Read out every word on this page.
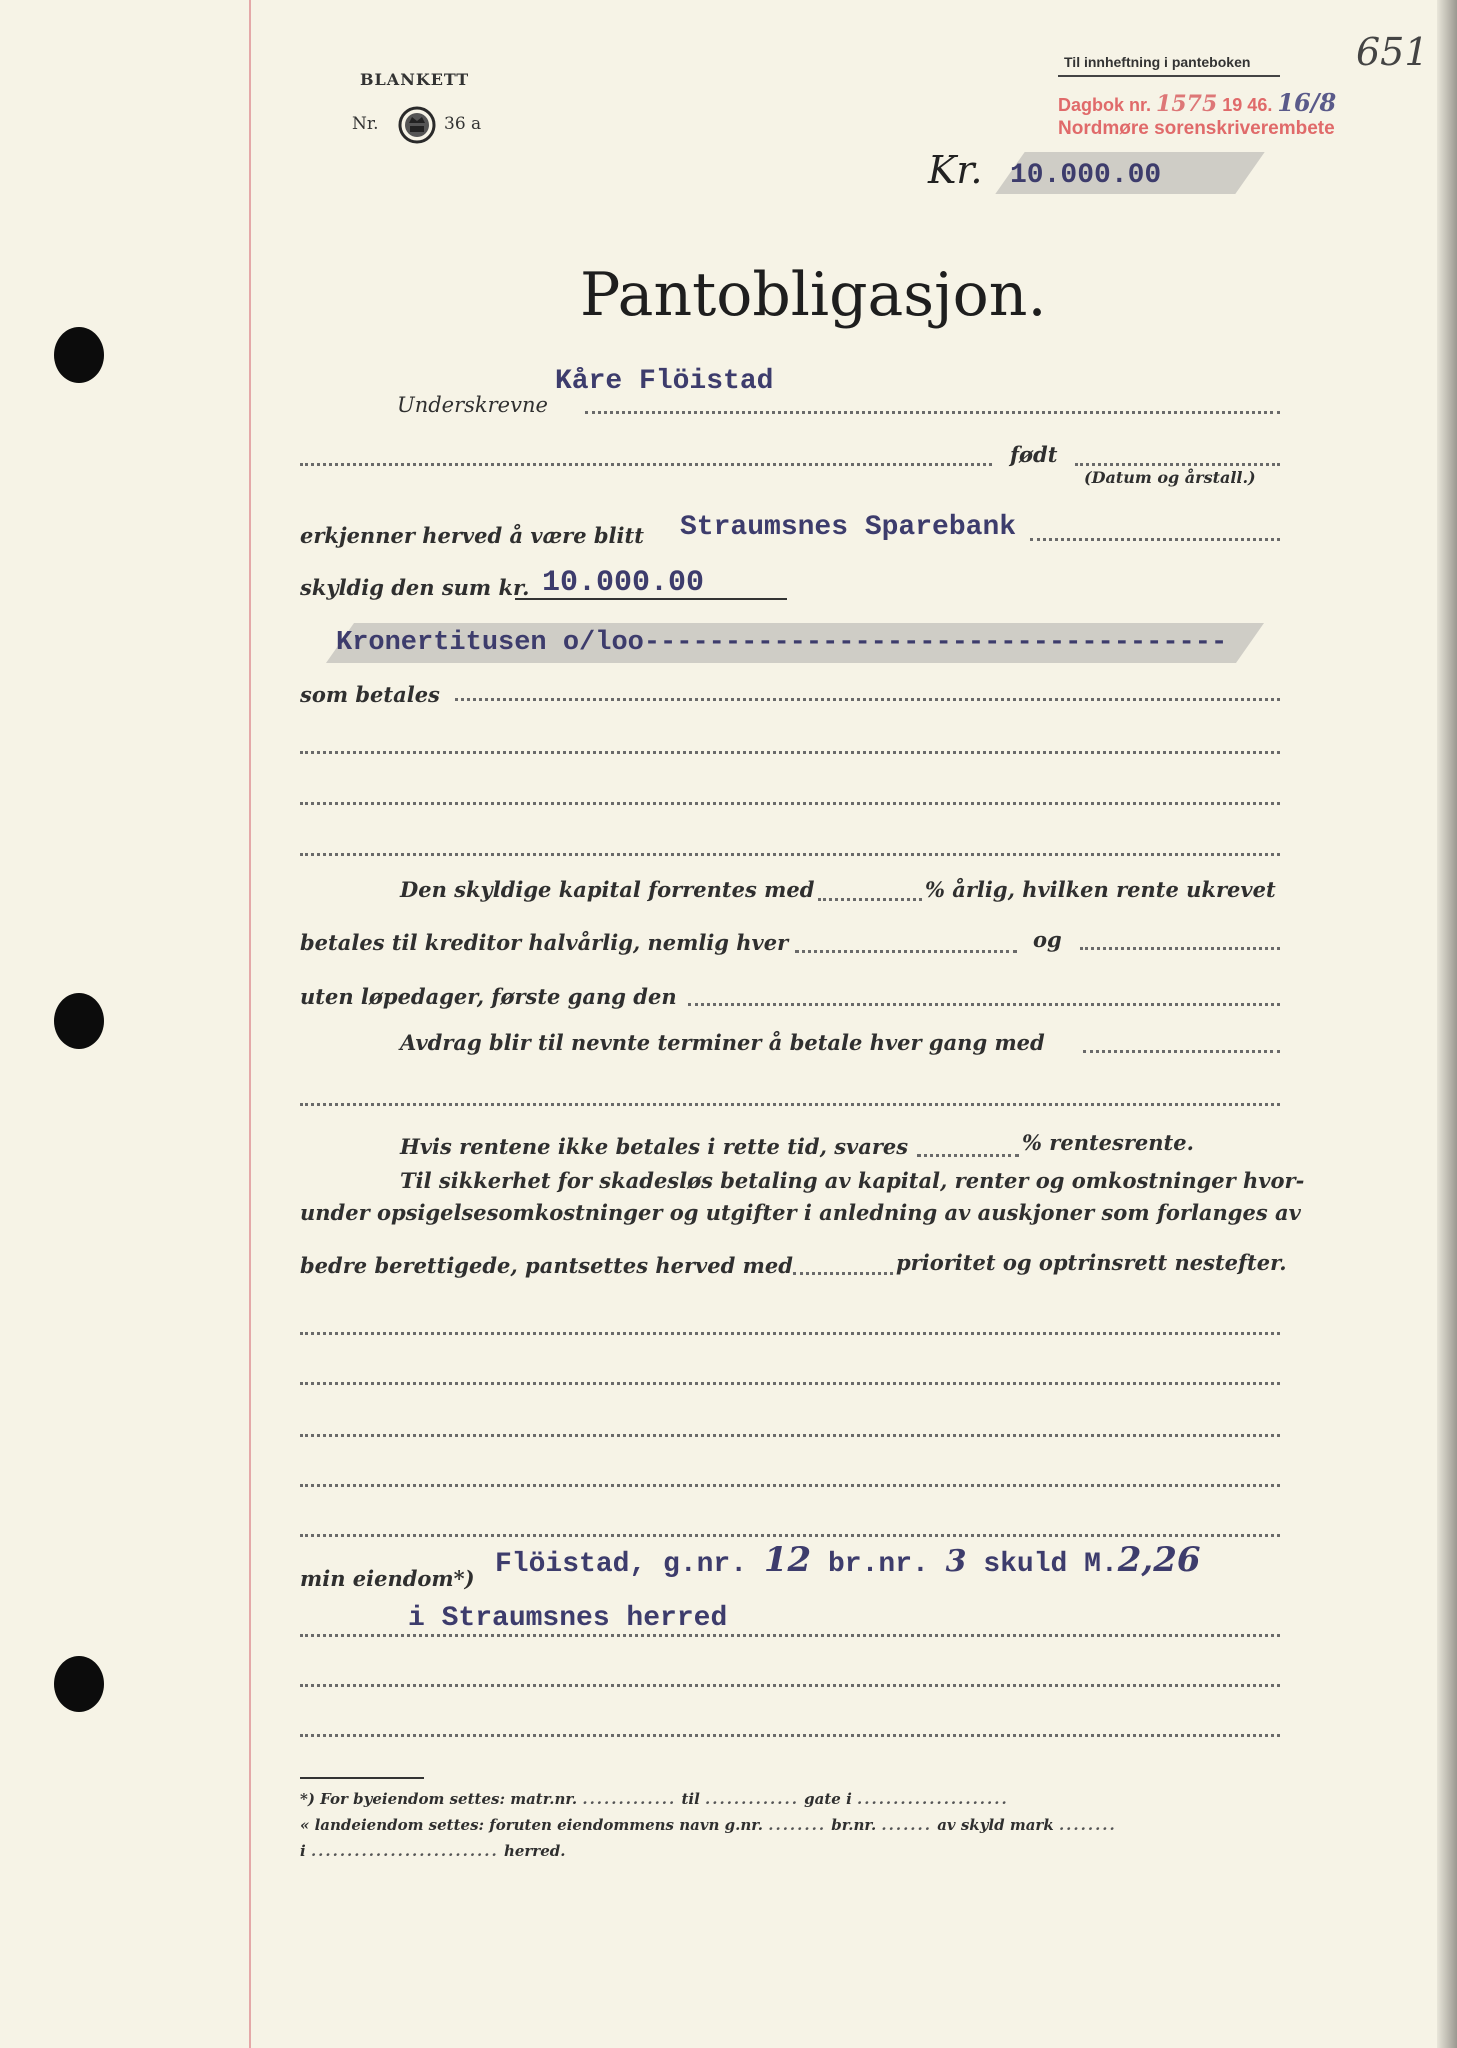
BLANKETT
Nr.	36 a
Til innheftning i panteboken
Dagbok nr. 1575 19 46. 16/8
Nordmøre sorenskriverembete
651
Kr. 10.000.00
Pantobligasjon.
Kåre Flöistad
Underskrevne
født
(Datum og årstall.)
erkjenner herved å være blitt Straumsnes Sparebank
skyldig den sum kr. 10.000.00
Kronertitusen o/loo------------------------------------
som betales
Den skyldige kapital forrentes med	% årlig, hvilken rente ukrevet
betales til kreditor halvårlig, nemlig hver	og
uten løpedager, første gang den
Avdrag blir til nevnte terminer å betale hver gang med
Hvis rentene ikke betales i rette tid, svares	% rentesrente.
Til sikkerhet for skadesløs betaling av kapital, renter og omkostninger hvor-
under opsigelsesomkostninger og utgifter i anledning av auskjoner som forlanges av
bedre berettigede, pantsettes herved med	prioritet og optrinsrett nestefter.
min eiendom*) Flöistad, g.nr. 12 br.nr. 3 skuld M.2,26
i Straumsnes herred
*) For byeiendom settes: matr.nr. ............. til ............. gate i .....................
« landeiendom settes: foruten eiendommens navn g.nr. ........ br.nr. ....... av skyld mark ........
i .......................... herred.
